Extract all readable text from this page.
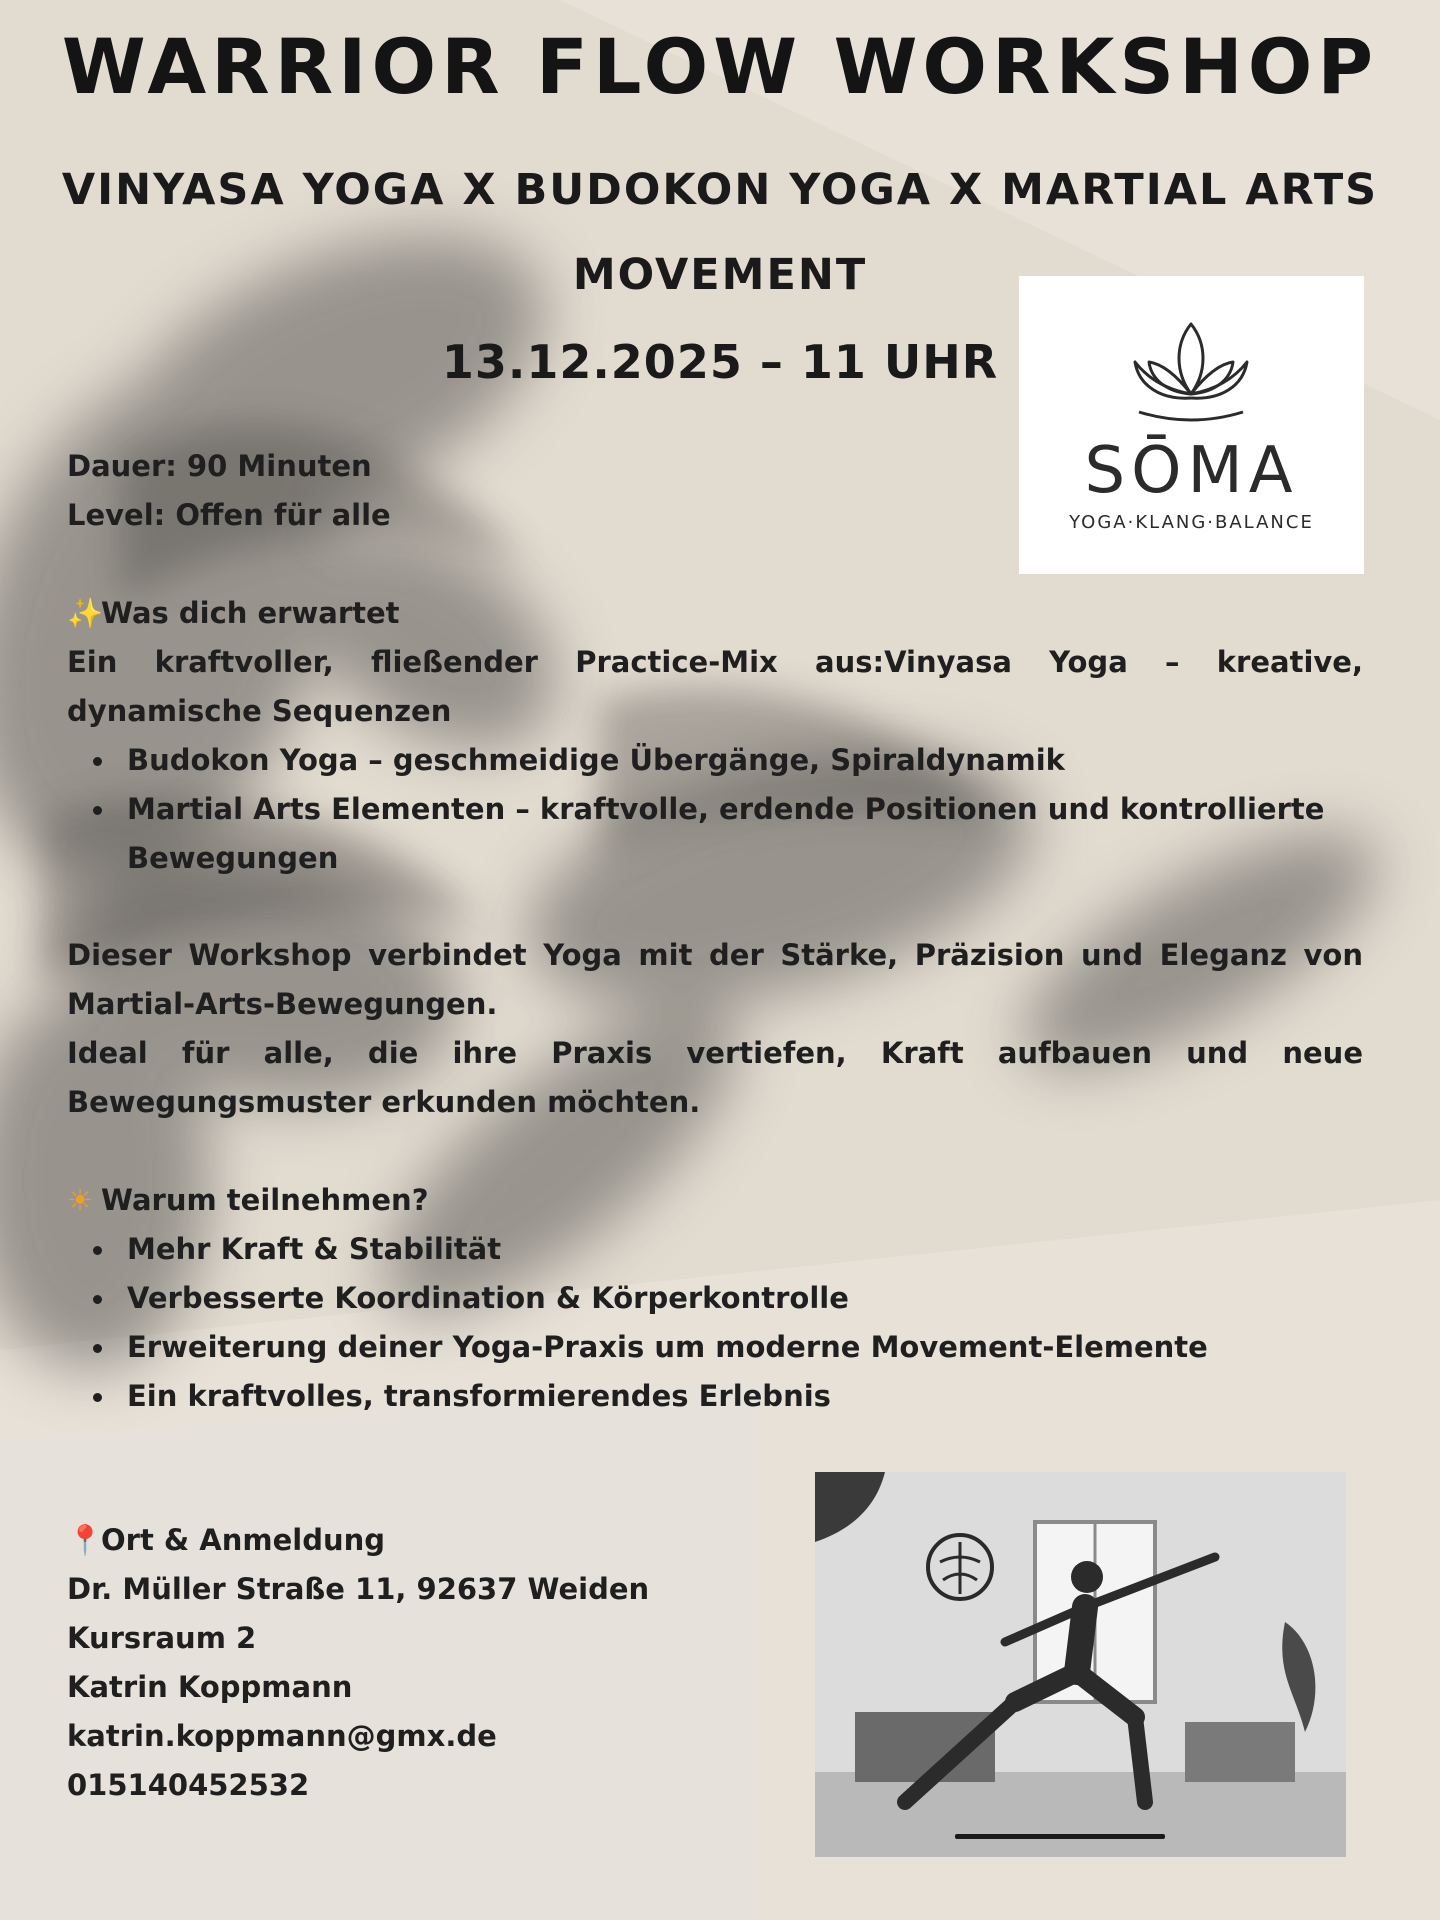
WARRIOR FLOW WORKSHOP
VINYASA YOGA X BUDOKON YOGA X MARTIAL ARTS
MOVEMENT
13.12.2025 – 11 UHR
SŌMA
YOGA·KLANG·BALANCE

Dauer: 90 Minuten

Level: Offen für alle

✨Was dich erwartet

Ein kraftvoller, fließender Practice-Mix aus:Vinyasa Yoga – kreative, dynamische Sequenzen

Budokon Yoga – geschmeidige Übergänge, Spiraldynamik
Martial Arts Elementen – kraftvolle, erdende Positionen und kontrollierte Bewegungen

Dieser Workshop verbindet Yoga mit der Stärke, Präzision und Eleganz von Martial-Arts-Bewegungen.

Ideal für alle, die ihre Praxis vertiefen, Kraft aufbauen und neue Bewegungsmuster erkunden möchten.

☀ Warum teilnehmen?

Mehr Kraft & Stabilität
Verbesserte Koordination & Körperkontrolle
Erweiterung deiner Yoga-Praxis um moderne Movement-Elemente
Ein kraftvolles, transformierendes Erlebnis

📍Ort & Anmeldung

Dr. Müller Straße 11, 92637 Weiden

Kursraum 2

Katrin Koppmann

katrin.koppmann@gmx.de

015140452532
